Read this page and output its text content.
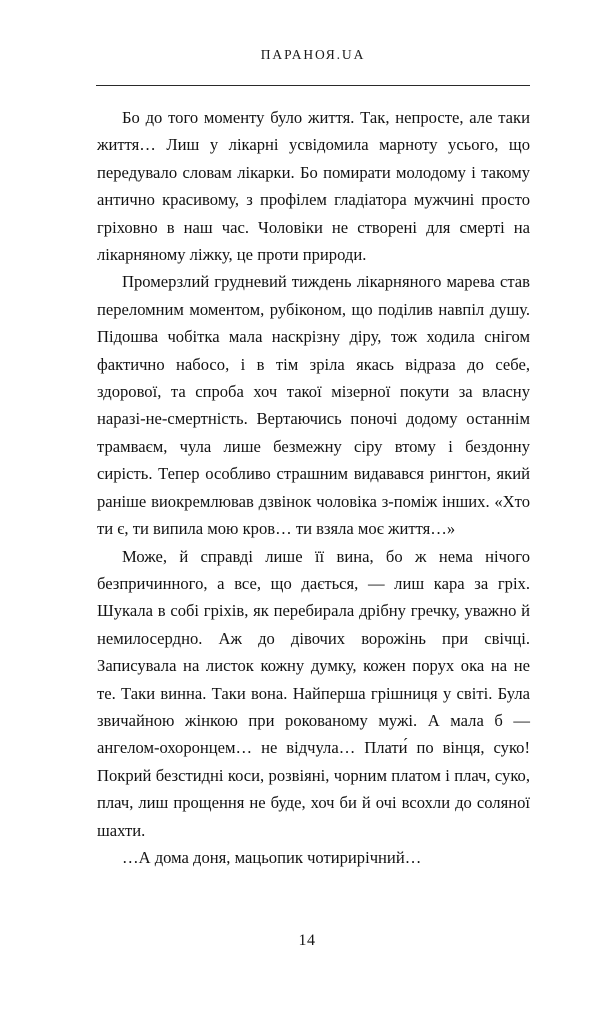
ПАРАНОЯ.UA

Бо до того моменту було життя. Так, непросте, але таки життя… Лиш у лікарні усвідомила марноту усього, що передувало словам лікарки. Бо помирати молодому і такому антично красивому, з профілем гладіатора мужчині просто гріховно в наш час. Чоловіки не створені для смерті на лікарняному ліжку, це проти природи.

Промерзлий грудневий тиждень лікарняного марева став переломним моментом, рубіконом, що поділив навпіл душу. Підошва чобітка мала наскрізну діру, тож ходила снігом фактично набосо, і в тім зріла якась відраза до себе, здорової, та спроба хоч такої мізерної покути за власну наразі-не-смертність. Вертаючись поночі додому останнім трамваєм, чула лише безмежну сіру втому і бездонну сирість. Тепер особливо страшним видавався рингтон, який раніше виокремлював дзвінок чоловіка з-поміж інших. «Хто ти є, ти випила мою кров… ти взяла моє життя…»

Може, й справді лише її вина, бо ж нема нічого безпричинного, а все, що дається, — лиш кара за гріх. Шукала в собі гріхів, як перебирала дрібну гречку, уважно й немилосердно. Аж до дівочих ворожінь при свічці. Записувала на листок кожну думку, кожен порух ока на не те. Таки винна. Таки вона. Найперша грішниця у світі. Була звичайною жінкою при рокованому мужі. А мала б — ангелом-охоронцем… не відчула… Плати́ по вінця, суко! Покрий безстидні коси, розвіяні, чорним платом і плач, суко, плач, лиш прощення не буде, хоч би й очі всохли до соляної шахти.

…А дома доня, мацьопик чотирирічний…

14
